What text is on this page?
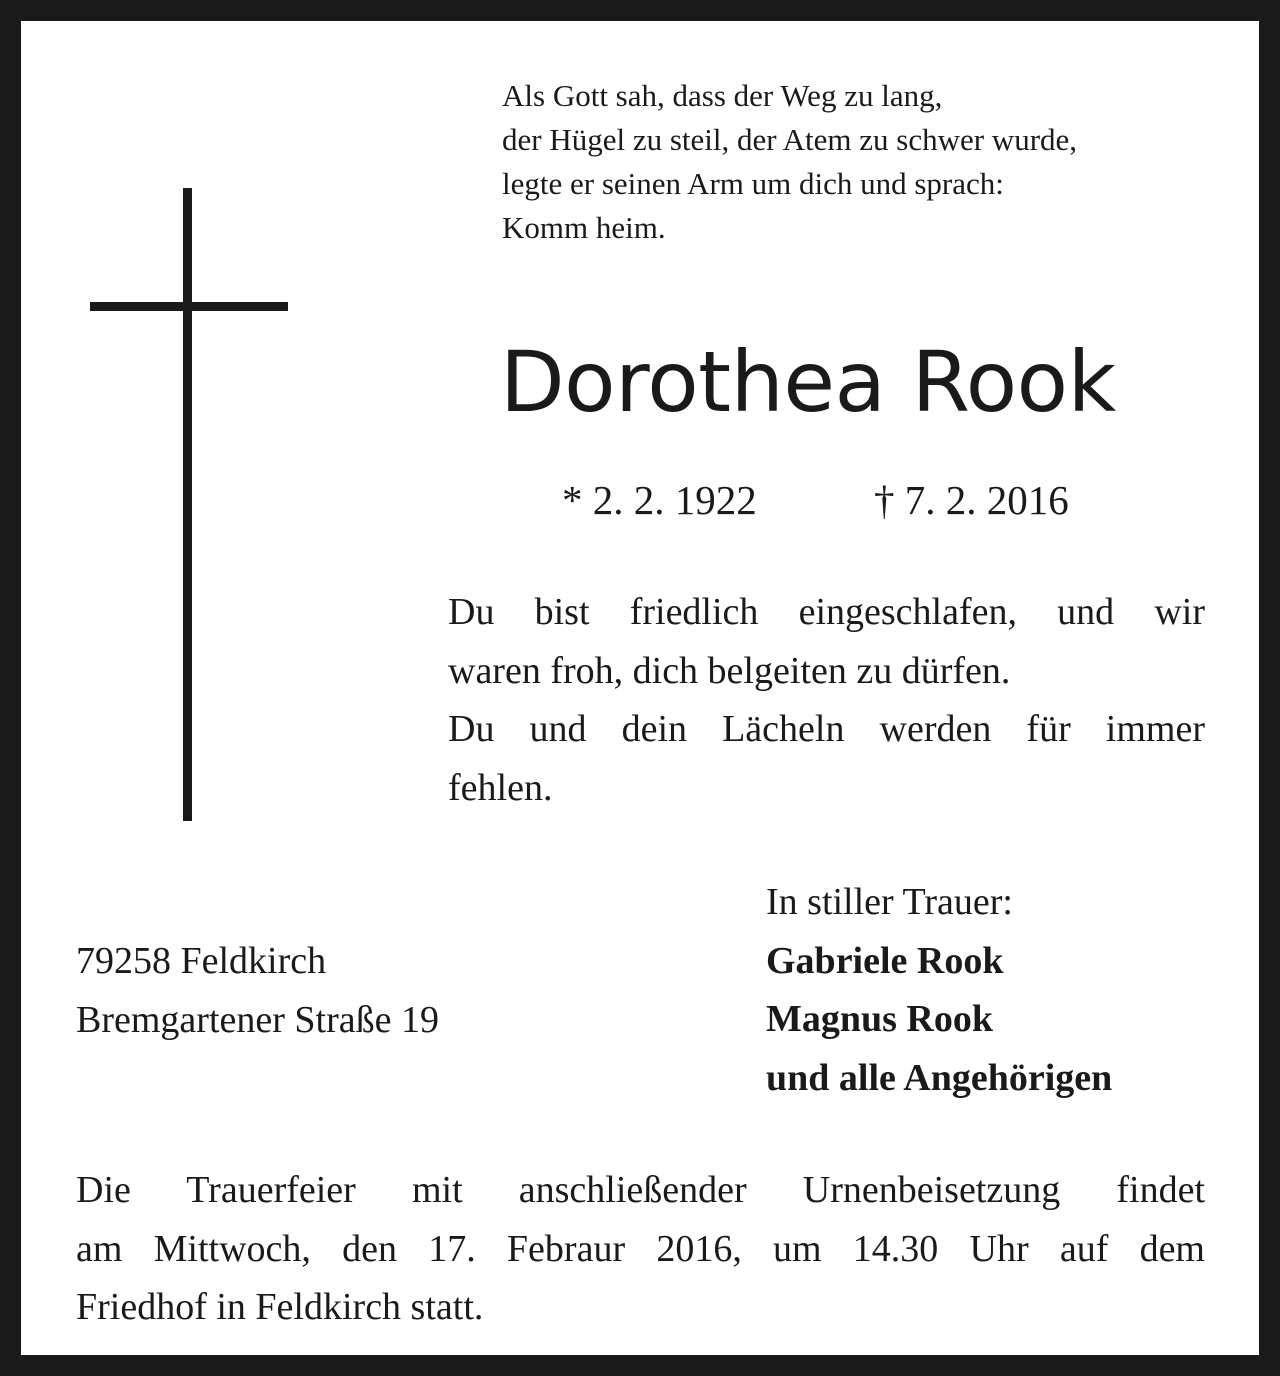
Als Gott sah, dass der Weg zu lang,
der Hügel zu steil, der Atem zu schwer wurde,
legte er seinen Arm um dich und sprach:
Komm heim.
Dorothea Rook
* 2. 2. 1922	† 7. 2. 2016
Du bist friedlich eingeschlafen, und wir
waren froh, dich belgeiten zu dürfen.
Du und dein Lächeln werden für immer
fehlen.
In stiller Trauer:
Gabriele Rook
Magnus Rook
und alle Angehörigen
79258 Feldkirch
Bremgartener Straße 19
Die Trauerfeier mit anschließender Urnenbeisetzung findet
am Mittwoch, den 17. Febraur 2016, um 14.30 Uhr auf dem
Friedhof in Feldkirch statt.
